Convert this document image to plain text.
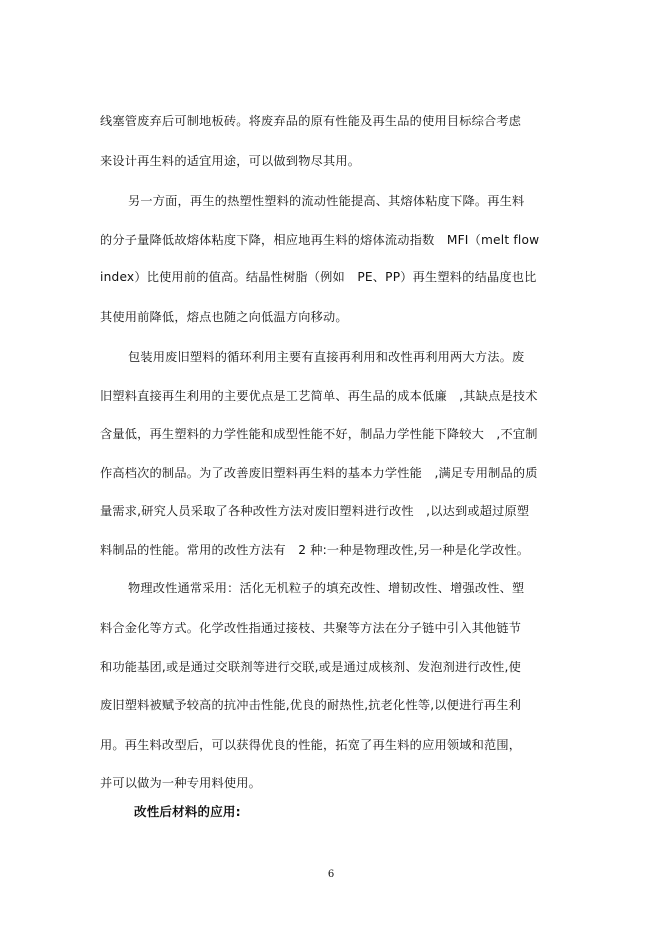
线塞管废弃后可制地板砖。将废弃品的原有性能及再生品的使用目标综合考虑
来设计再生料的适宜用途，可以做到物尽其用。
另一方面，再生的热塑性塑料的流动性能提高、其熔体粘度下降。再生料
的分子量降低故熔体粘度下降，相应地再生料的熔体流动指数　MFI（melt flow
index）比使用前的值高。结晶性树脂（例如　PE、PP）再生塑料的结晶度也比
其使用前降低，熔点也随之向低温方向移动。
包装用废旧塑料的循环利用主要有直接再利用和改性再利用两大方法。废
旧塑料直接再生利用的主要优点是工艺简单、再生品的成本低廉　,其缺点是技术
含量低，再生塑料的力学性能和成型性能不好，制品力学性能下降较大　,不宜制
作高档次的制品。为了改善废旧塑料再生料的基本力学性能　,满足专用制品的质
量需求,研究人员采取了各种改性方法对废旧塑料进行改性　,以达到或超过原塑
料制品的性能。常用的改性方法有　2 种:一种是物理改性,另一种是化学改性。
物理改性通常采用：活化无机粒子的填充改性、增韧改性、增强改性、塑
料合金化等方式。化学改性指通过接枝、共聚等方法在分子链中引入其他链节
和功能基团,或是通过交联剂等进行交联,或是通过成核剂、发泡剂进行改性,使
废旧塑料被赋予较高的抗冲击性能,优良的耐热性,抗老化性等,以便进行再生利
用。再生料改型后，可以获得优良的性能，拓宽了再生料的应用领域和范围，
并可以做为一种专用料使用。
改性后材料的应用:
6
